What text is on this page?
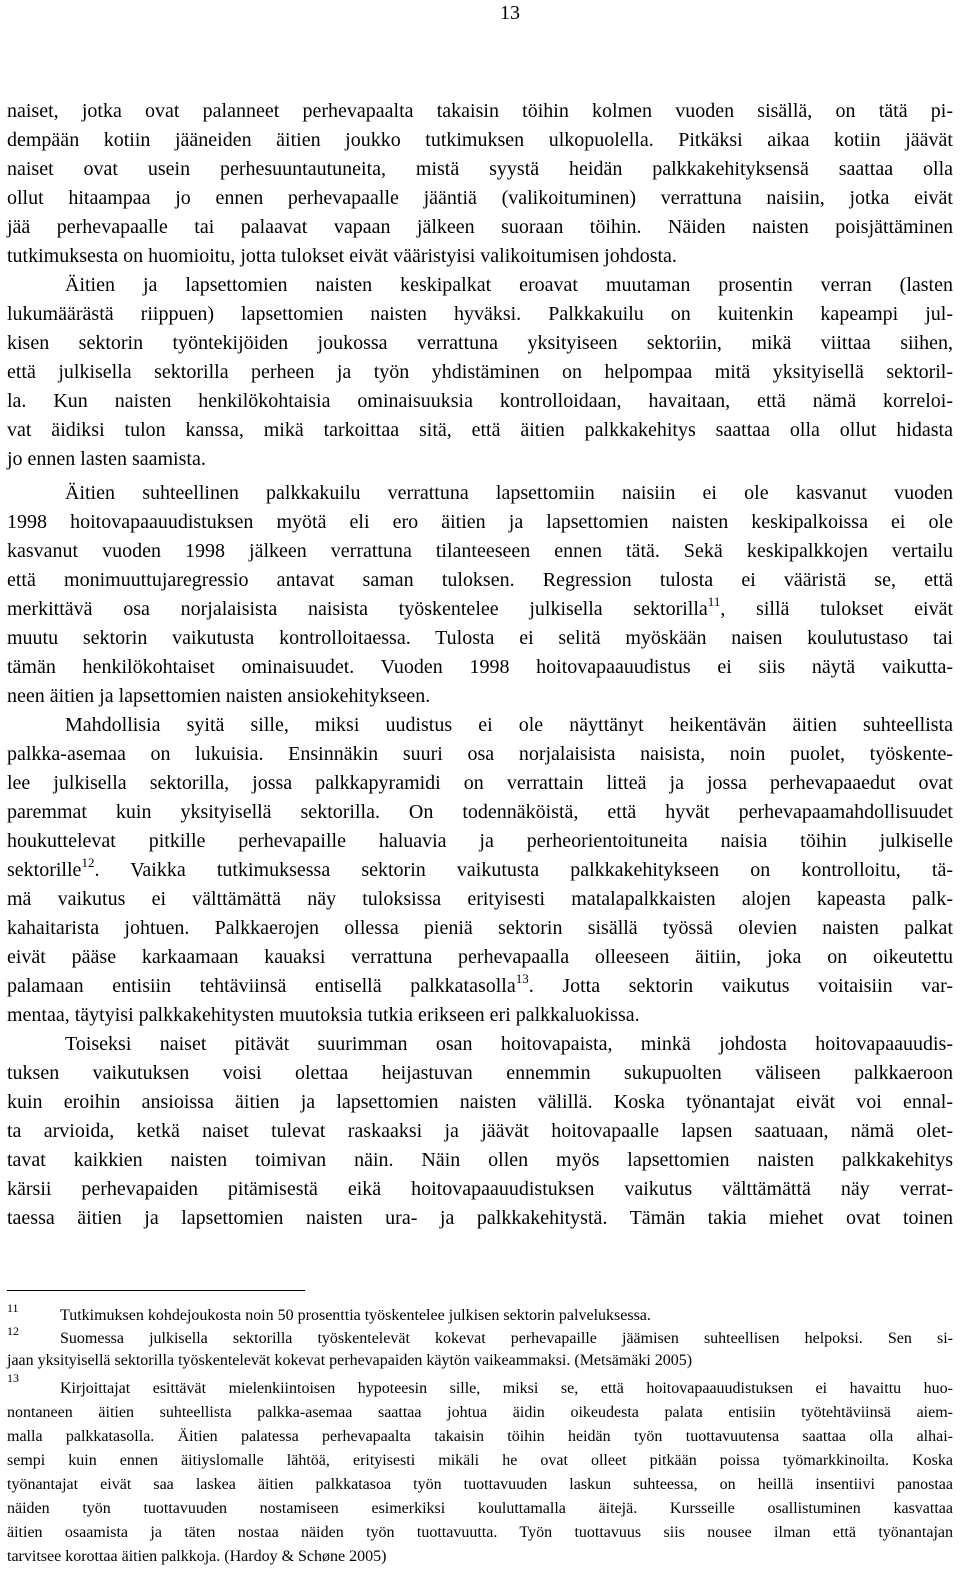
13
naiset, jotka ovat palanneet perhevapaalta takaisin töihin kolmen vuoden sisällä, on tätä pi-
dempään kotiin jääneiden äitien joukko tutkimuksen ulkopuolella. Pitkäksi aikaa kotiin jäävät
naiset ovat usein perhesuuntautuneita, mistä syystä heidän palkkakehityksensä saattaa olla
ollut hitaampaa jo ennen perhevapaalle jääntiä (valikoituminen) verrattuna naisiin, jotka eivät
jää perhevapaalle tai palaavat vapaan jälkeen suoraan töihin. Näiden naisten poisjättäminen
tutkimuksesta on huomioitu, jotta tulokset eivät vääristyisi valikoitumisen johdosta.
Äitien ja lapsettomien naisten keskipalkat eroavat muutaman prosentin verran (lasten
lukumäärästä riippuen) lapsettomien naisten hyväksi. Palkkakuilu on kuitenkin kapeampi jul-
kisen sektorin työntekijöiden joukossa verrattuna yksityiseen sektoriin, mikä viittaa siihen,
että julkisella sektorilla perheen ja työn yhdistäminen on helpompaa mitä yksityisellä sektoril-
la. Kun naisten henkilökohtaisia ominaisuuksia kontrolloidaan, havaitaan, että nämä korreloi-
vat äidiksi tulon kanssa, mikä tarkoittaa sitä, että äitien palkkakehitys saattaa olla ollut hidasta
jo ennen lasten saamista.
Äitien suhteellinen palkkakuilu verrattuna lapsettomiin naisiin ei ole kasvanut vuoden
1998 hoitovapaauudistuksen myötä eli ero äitien ja lapsettomien naisten keskipalkoissa ei ole
kasvanut vuoden 1998 jälkeen verrattuna tilanteeseen ennen tätä. Sekä keskipalkkojen vertailu
että monimuuttujaregressio antavat saman tuloksen. Regression tulosta ei vääristä se, että
merkittävä osa norjalaisista naisista työskentelee julkisella sektorilla$^{11}$, sillä tulokset eivät
muutu sektorin vaikutusta kontrolloitaessa. Tulosta ei selitä myöskään naisen koulutustaso tai
tämän henkilökohtaiset ominaisuudet. Vuoden 1998 hoitovapaauudistus ei siis näytä vaikutta-
neen äitien ja lapsettomien naisten ansiokehitykseen.
Mahdollisia syitä sille, miksi uudistus ei ole näyttänyt heikentävän äitien suhteellista
palkka-asemaa on lukuisia. Ensinnäkin suuri osa norjalaisista naisista, noin puolet, työskente-
lee julkisella sektorilla, jossa palkkapyramidi on verrattain litteä ja jossa perhevapaaedut ovat
paremmat kuin yksityisellä sektorilla. On todennäköistä, että hyvät perhevapaamahdollisuudet
houkuttelevat pitkille perhevapaille haluavia ja perheorientoituneita naisia töihin julkiselle
sektorille$^{12}$. Vaikka tutkimuksessa sektorin vaikutusta palkkakehitykseen on kontrolloitu, tä-
mä vaikutus ei välttämättä näy tuloksissa erityisesti matalapalkkaisten alojen kapeasta palk-
kahaitarista johtuen. Palkkaerojen ollessa pieniä sektorin sisällä työssä olevien naisten palkat
eivät pääse karkaamaan kauaksi verrattuna perhevapaalla olleeseen äitiin, joka on oikeutettu
palamaan entisiin tehtäviinsä entisellä palkkatasolla$^{13}$. Jotta sektorin vaikutus voitaisiin var-
mentaa, täytyisi palkkakehitysten muutoksia tutkia erikseen eri palkkaluokissa.
Toiseksi naiset pitävät suurimman osan hoitovapaista, minkä johdosta hoitovapaauudis-
tuksen vaikutuksen voisi olettaa heijastuvan ennemmin sukupuolten väliseen palkkaeroon
kuin eroihin ansioissa äitien ja lapsettomien naisten välillä. Koska työnantajat eivät voi ennal-
ta arvioida, ketkä naiset tulevat raskaaksi ja jäävät hoitovapaalle lapsen saatuaan, nämä olet-
tavat kaikkien naisten toimivan näin. Näin ollen myös lapsettomien naisten palkkakehitys
kärsii perhevapaiden pitämisestä eikä hoitovapaauudistuksen vaikutus välttämättä näy verrat-
taessa äitien ja lapsettomien naisten ura- ja palkkakehitystä. Tämän takia miehet ovat toinen
11	Tutkimuksen kohdejoukosta noin 50 prosenttia työskentelee julkisen sektorin palveluksessa.
12	Suomessa julkisella sektorilla työskentelevät kokevat perhevapaille jäämisen suhteellisen helpoksi. Sen si-
jaan yksityisellä sektorilla työskentelevät kokevat perhevapaiden käytön vaikeammaksi. (Metsämäki 2005)
13
Kirjoittajat esittävät mielenkiintoisen hypoteesin sille, miksi se, että hoitovapaauudistuksen ei havaittu huo-
nontaneen äitien suhteellista palkka-asemaa saattaa johtua äidin oikeudesta palata entisiin työtehtäviinsä aiem-
malla palkkatasolla. Äitien palatessa perhevapaalta takaisin töihin heidän työn tuottavuutensa saattaa olla alhai-
sempi kuin ennen äitiyslomalle lähtöä, erityisesti mikäli he ovat olleet pitkään poissa työmarkkinoilta. Koska
työnantajat eivät saa laskea äitien palkkatasoa työn tuottavuuden laskun suhteessa, on heillä insentiivi panostaa
näiden työn tuottavuuden nostamiseen esimerkiksi kouluttamalla äitejä. Kursseille osallistuminen kasvattaa
äitien osaamista ja täten nostaa näiden työn tuottavuutta. Työn tuottavuus siis nousee ilman että työnantajan
tarvitsee korottaa äitien palkkoja. (Hardoy & Schøne 2005)
